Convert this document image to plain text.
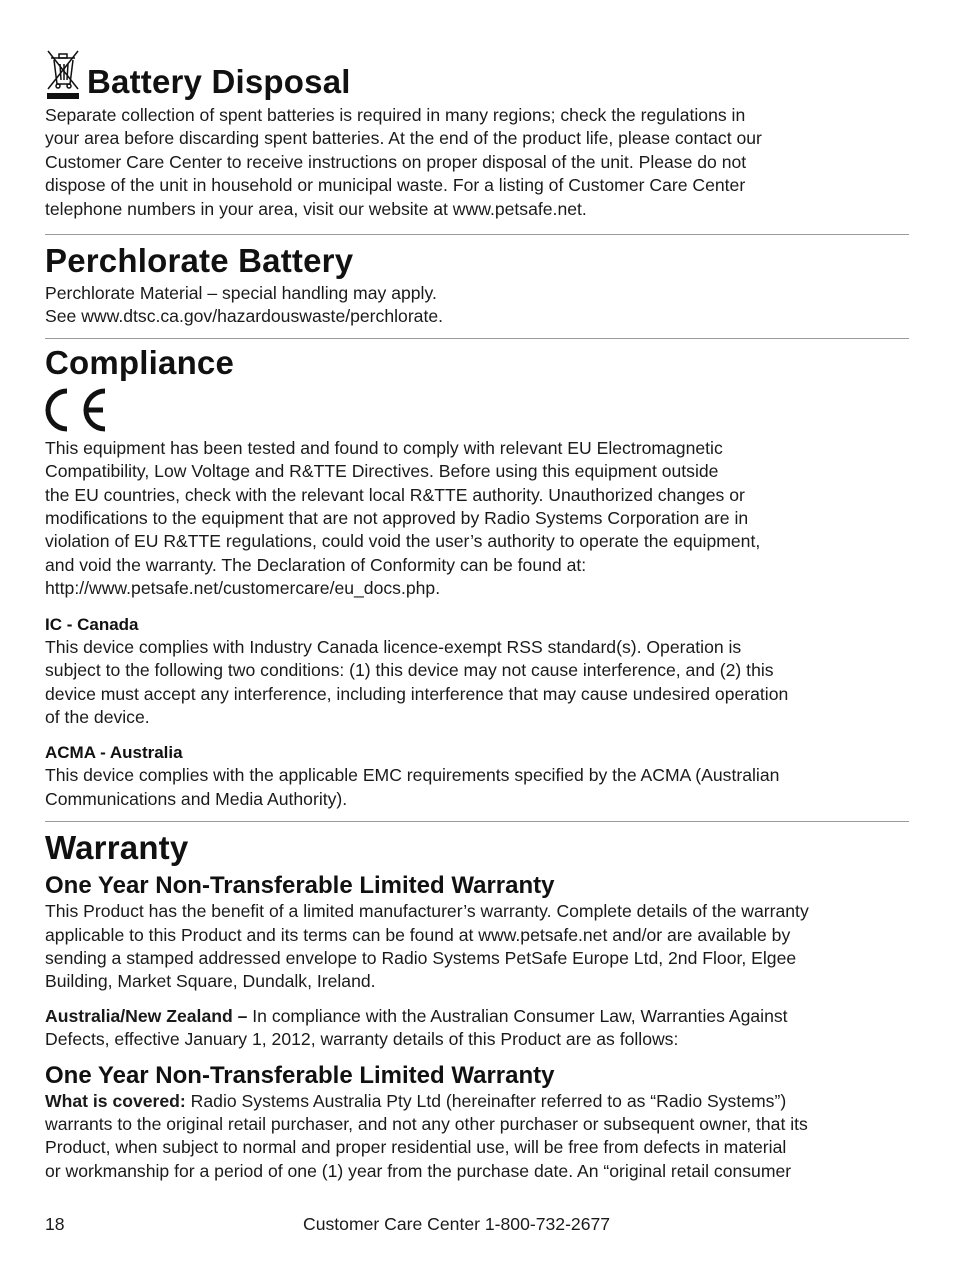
Battery Disposal

Separate collection of spent batteries is required in many regions; check the regulations in
your area before discarding spent batteries. At the end of the product life, please contact our
Customer Care Center to receive instructions on proper disposal of the unit. Please do not
dispose of the unit in household or municipal waste. For a listing of Customer Care Center
telephone numbers in your area, visit our website at www.petsafe.net.

Perchlorate Battery

Perchlorate Material – special handling may apply.
See www.dtsc.ca.gov/hazardouswaste/perchlorate.

Compliance

This equipment has been tested and found to comply with relevant EU Electromagnetic
Compatibility, Low Voltage and R&TTE Directives. Before using this equipment outside
the EU countries, check with the relevant local R&TTE authority. Unauthorized changes or
modifications to the equipment that are not approved by Radio Systems Corporation are in
violation of EU R&TTE regulations, could void the user’s authority to operate the equipment,
and void the warranty. The Declaration of Conformity can be found at:
http://www.petsafe.net/customercare/eu_docs.php.

IC - Canada

This device complies with Industry Canada licence-exempt RSS standard(s). Operation is
subject to the following two conditions: (1) this device may not cause interference, and (2) this
device must accept any interference, including interference that may cause undesired operation
of the device.

ACMA - Australia

This device complies with the applicable EMC requirements specified by the ACMA (Australian
Communications and Media Authority).

Warranty
One Year Non-Transferable Limited Warranty

This Product has the benefit of a limited manufacturer’s warranty. Complete details of the warranty
applicable to this Product and its terms can be found at www.petsafe.net and/or are available by
sending a stamped addressed envelope to Radio Systems PetSafe Europe Ltd, 2nd Floor, Elgee
Building, Market Square, Dundalk, Ireland.

Australia/New Zealand – In compliance with the Australian Consumer Law, Warranties Against
Defects, effective January 1, 2012, warranty details of this Product are as follows:

One Year Non-Transferable Limited Warranty

What is covered: Radio Systems Australia Pty Ltd (hereinafter referred to as “Radio Systems”)
warrants to the original retail purchaser, and not any other purchaser or subsequent owner, that its
Product, when subject to normal and proper residential use, will be free from defects in material
or workmanship for a period of one (1) year from the purchase date. An “original retail consumer

18	Customer Care Center 1-800-732-2677
